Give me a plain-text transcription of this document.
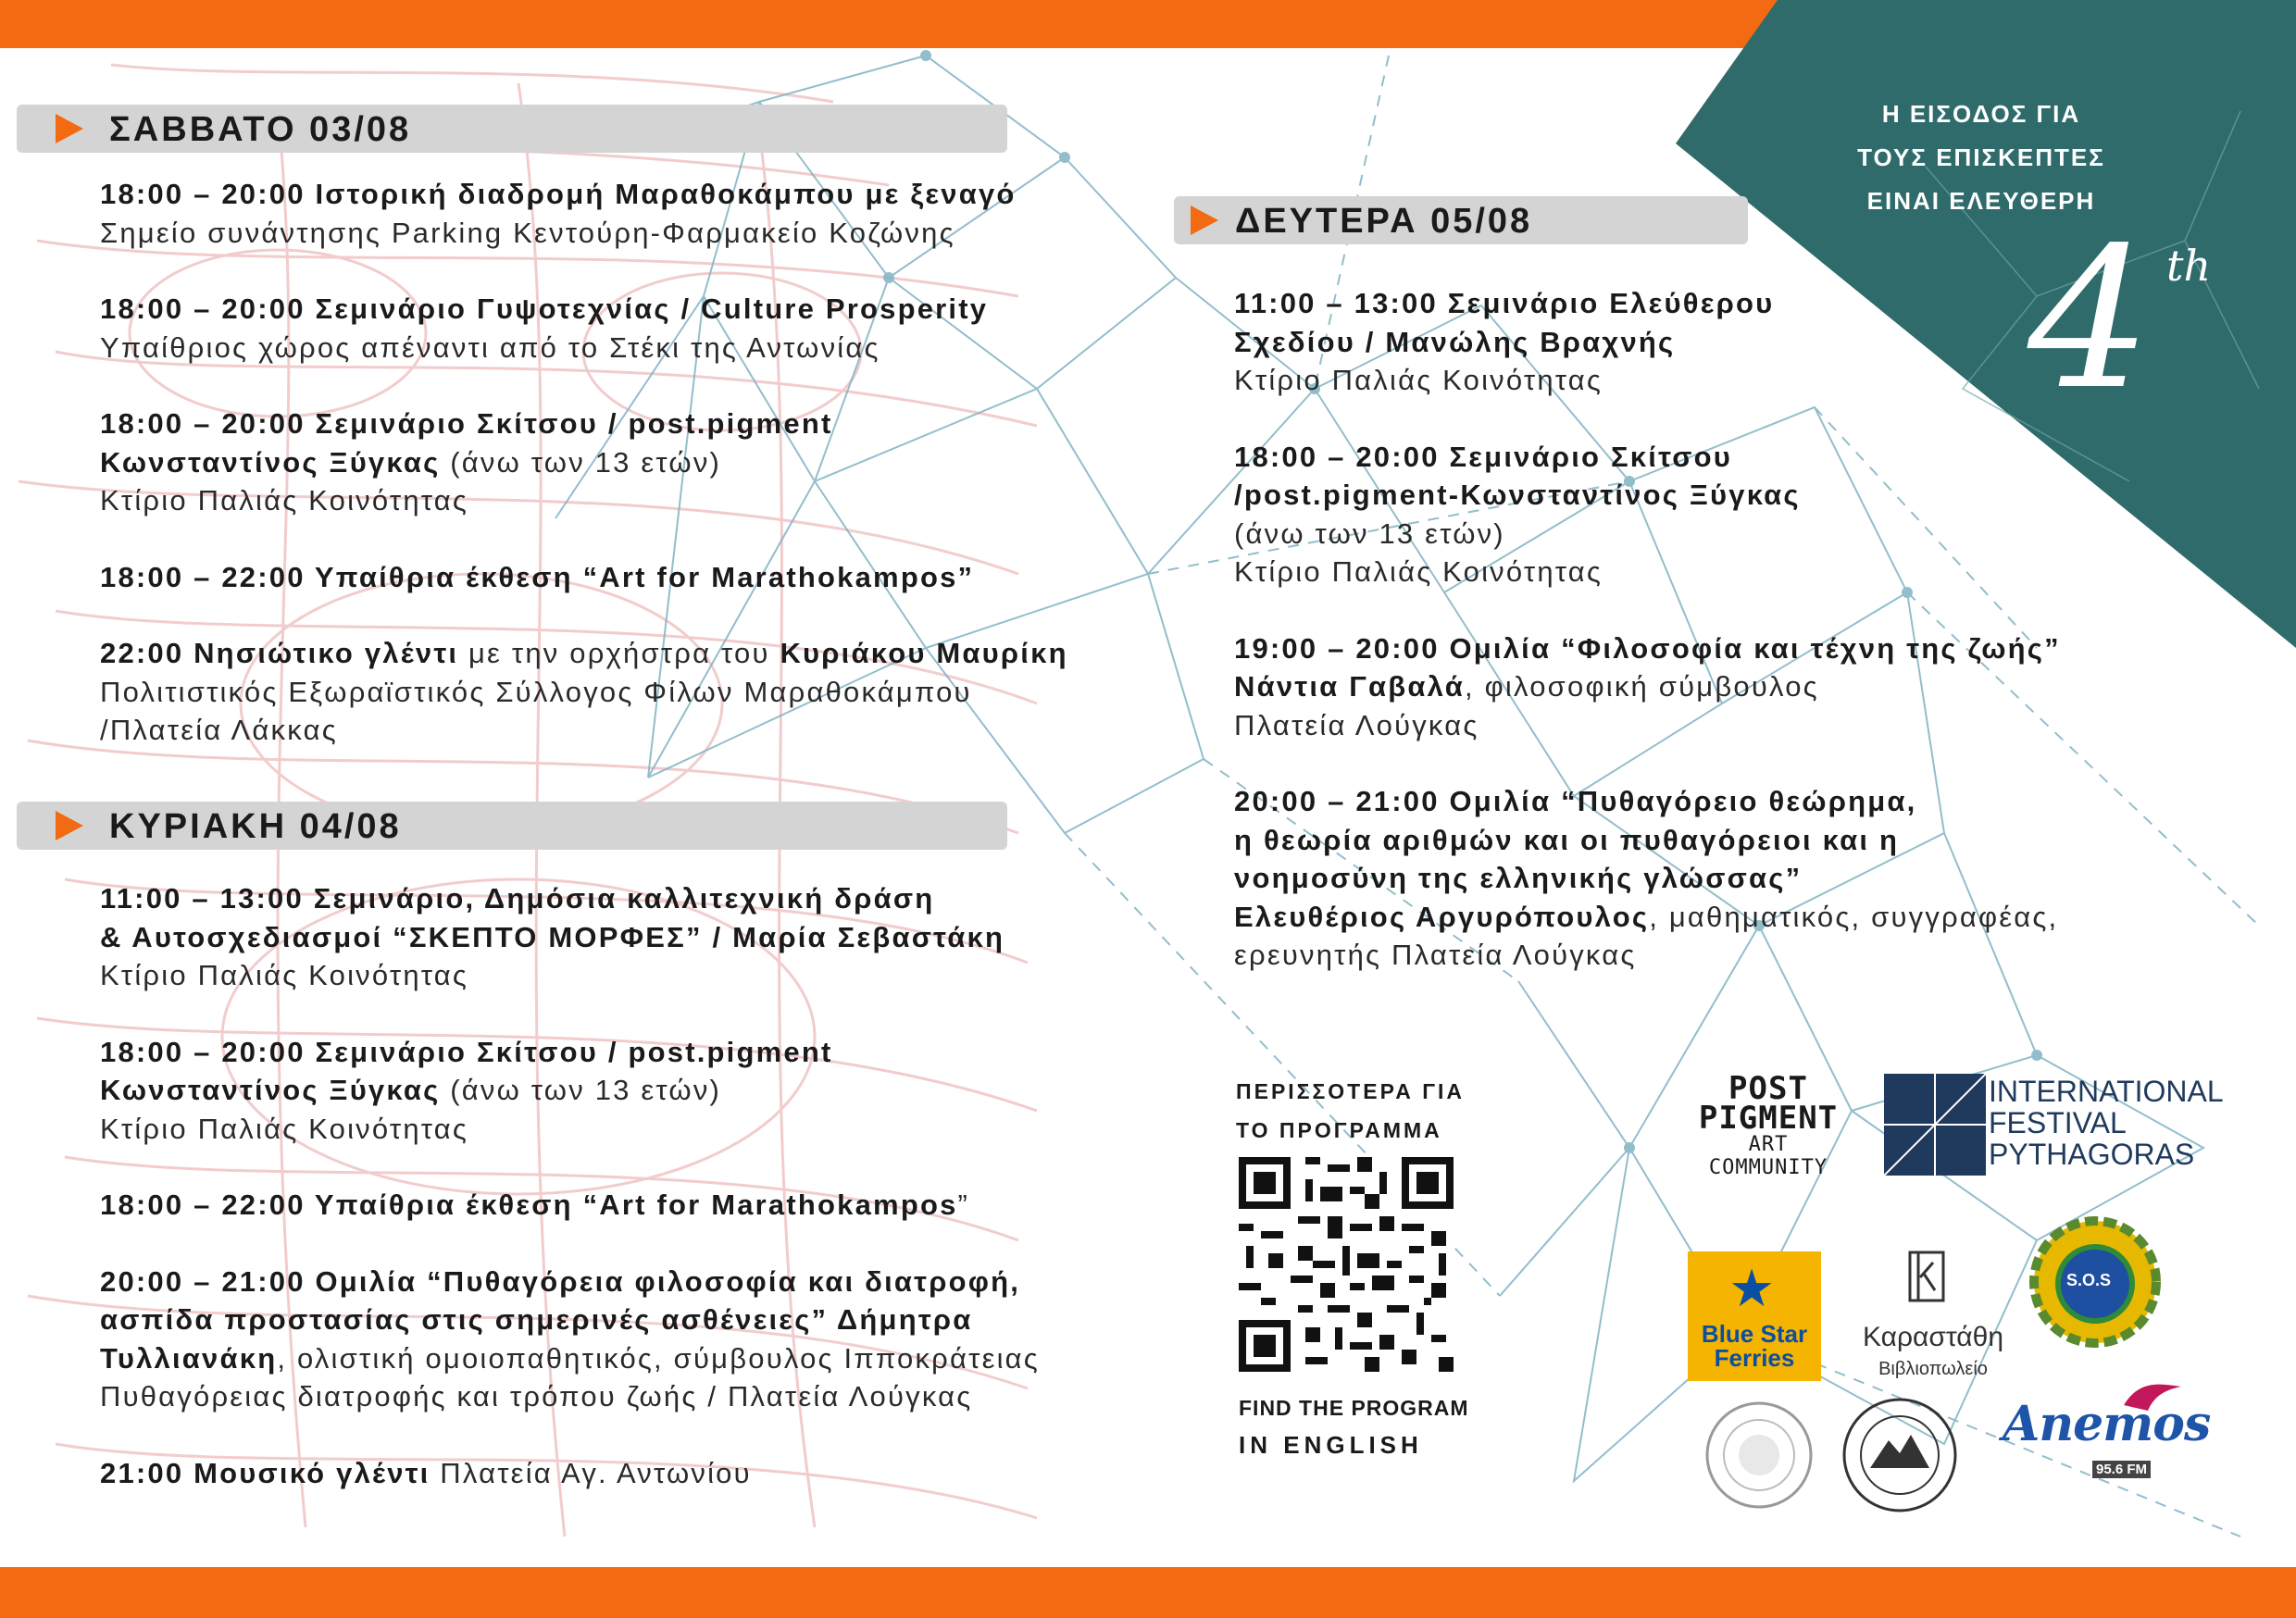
ΣΑΒΒΑΤΟ 03/08
18:00 – 20:00 Ιστορική διαδρομή Μαραθοκάμπου με ξεναγό
Σημείο συνάντησης Parking Κεντούρη-Φαρμακείο Κοζώνης
18:00 – 20:00 Σεμινάριο Γυψοτεχνίας / Culture Prosperity
Υπαίθριος χώρος απέναντι από το Στέκι της Αντωνίας
18:00 – 20:00 Σεμινάριο Σκίτσου / post.pigment
Κωνσταντίνος Ξύγκας (άνω των 13 ετών)
Κτίριο Παλιάς Κοινότητας
18:00 – 22:00 Υπαίθρια έκθεση “Art for Marathokampos”
22:00 Νησιώτικο γλέντι με την ορχήστρα του Κυριάκου Μαυρίκη
Πολιτιστικός Εξωραϊστικός Σύλλογος Φίλων Μαραθοκάμπου
/Πλατεία Λάκκας
ΚΥΡΙΑΚΗ 04/08
11:00 – 13:00 Σεμινάριο, Δημόσια καλλιτεχνική δράση
& Αυτοσχεδιασμοί “ΣΚΕΠΤΟ ΜΟΡΦΕΣ” / Μαρία Σεβαστάκη
Κτίριο Παλιάς Κοινότητας
18:00 – 20:00 Σεμινάριο Σκίτσου / post.pigment
Κωνσταντίνος Ξύγκας (άνω των 13 ετών)
Κτίριο Παλιάς Κοινότητας
18:00 – 22:00 Υπαίθρια έκθεση “Art for Marathokampos”
20:00 – 21:00 Ομιλία “Πυθαγόρεια φιλοσοφία και διατροφή,
ασπίδα προστασίας στις σημερινές ασθένειες” Δήμητρα
Τυλλιανάκη, ολιστική ομοιοπαθητικός, σύμβουλος Ιπποκράτειας
Πυθαγόρειας διατροφής και τρόπου ζωής / Πλατεία Λούγκας
21:00 Μουσικό γλέντι Πλατεία Αγ. Αντωνίου
ΔΕΥΤΕΡΑ 05/08
11:00 – 13:00 Σεμινάριο Ελεύθερου
Σχεδίου / Μανώλης Βραχνής
Κτίριο Παλιάς Κοινότητας
18:00 – 20:00 Σεμινάριο Σκίτσου
/post.pigment-Κωνσταντίνος Ξύγκας
(άνω των 13 ετών)
Κτίριο Παλιάς Κοινότητας
19:00 – 20:00 Ομιλία “Φιλοσοφία και τέχνη της ζωής”
Νάντια Γαβαλά, φιλοσοφική σύμβουλος
Πλατεία Λούγκας
20:00 – 21:00 Ομιλία “Πυθαγόρειο θεώρημα,
η θεωρία αριθμών και οι πυθαγόρειοι και η
νοημοσύνη της ελληνικής γλώσσας”
Ελευθέριος Αργυρόπουλος, μαθηματικός, συγγραφέας,
ερευνητής Πλατεία Λούγκας
Η ΕΙΣΟΔΟΣ ΓΙΑ
ΤΟΥΣ ΕΠΙΣΚΕΠΤΕΣ
ΕΙΝΑΙ ΕΛΕΥΘΕΡΗ
4 th
ΠΕΡΙΣΣΟΤΕΡΑ ΓΙΑ
ΤΟ ΠΡΟΓΡΑΜΜΑ
FIND THE PROGRAM
IN ENGLISH
POST
PIGMENT
ART
COMMUNITY
INTERNATIONAL
FESTIVAL
PYTHAGORAS
★
Blue Star
Ferries
Καραστάθη
Βιβλιοπωλείο
S.O.S
Anemos
95.6 FM
